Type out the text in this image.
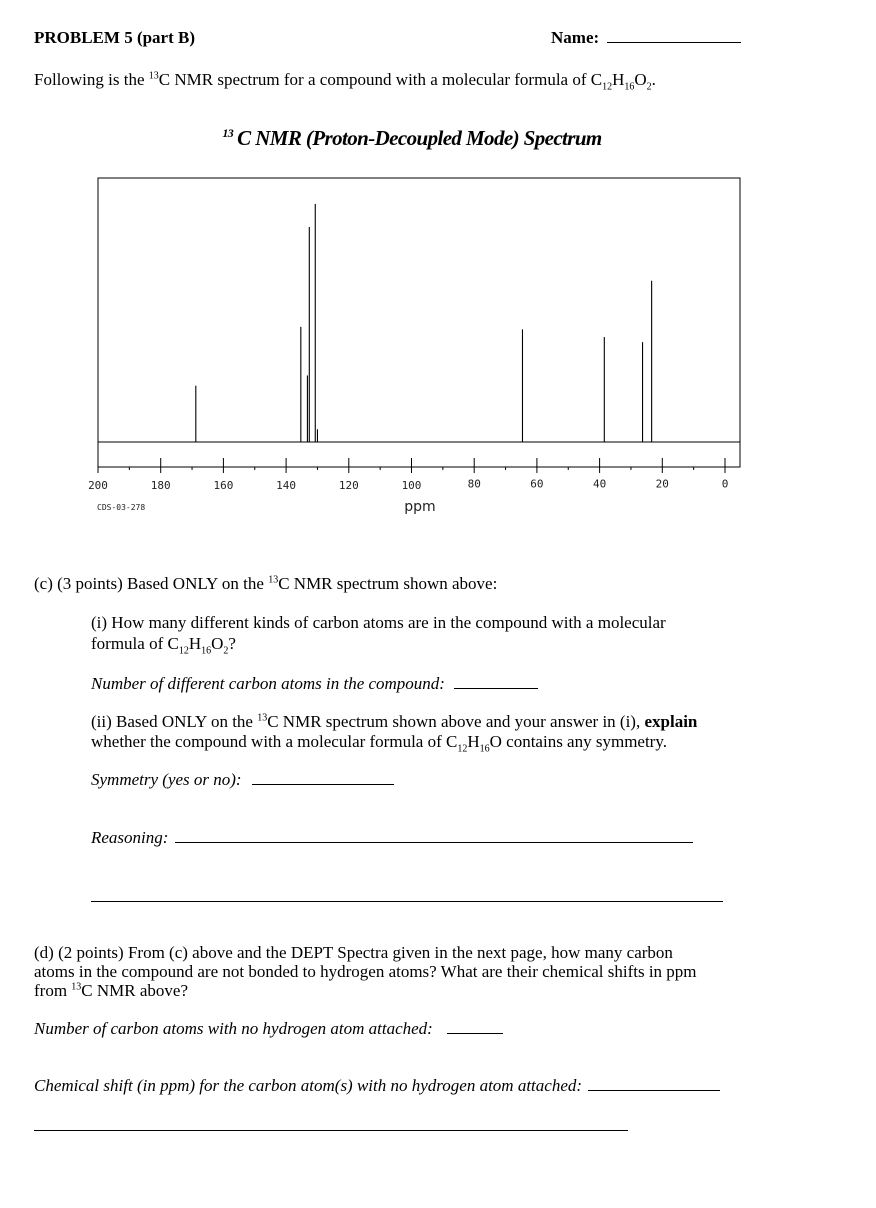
PROBLEM 5 (part B)	Name:
Following is the $^{13}$C NMR spectrum for a compound with a molecular formula of $C_{12}H_{16}O_2$.
$^{13}$ C NMR (Proton-Decoupled Mode) Spectrum
200	180	160	140	120	100	80	60	40	20	0
ppm
CDS-03-278
(c) (3 points) Based ONLY on the $^{13}$C NMR spectrum shown above:
(i) How many different kinds of carbon atoms are in the compound with a molecular
formula of $C_{12}H_{16}O_2$?
Number of different carbon atoms in the compound:
(ii) Based ONLY on the $^{13}$C NMR spectrum shown above and your answer in (i), explain
whether the compound with a molecular formula of $C_{12}H_{16}O$ contains any symmetry.
Symmetry (yes or no):
Reasoning:
(d) (2 points) From (c) above and the DEPT Spectra given in the next page, how many carbon
atoms in the compound are not bonded to hydrogen atoms? What are their chemical shifts in ppm
from $^{13}$C NMR above?
Number of carbon atoms with no hydrogen atom attached:
Chemical shift (in ppm) for the carbon atom(s) with no hydrogen atom attached:
